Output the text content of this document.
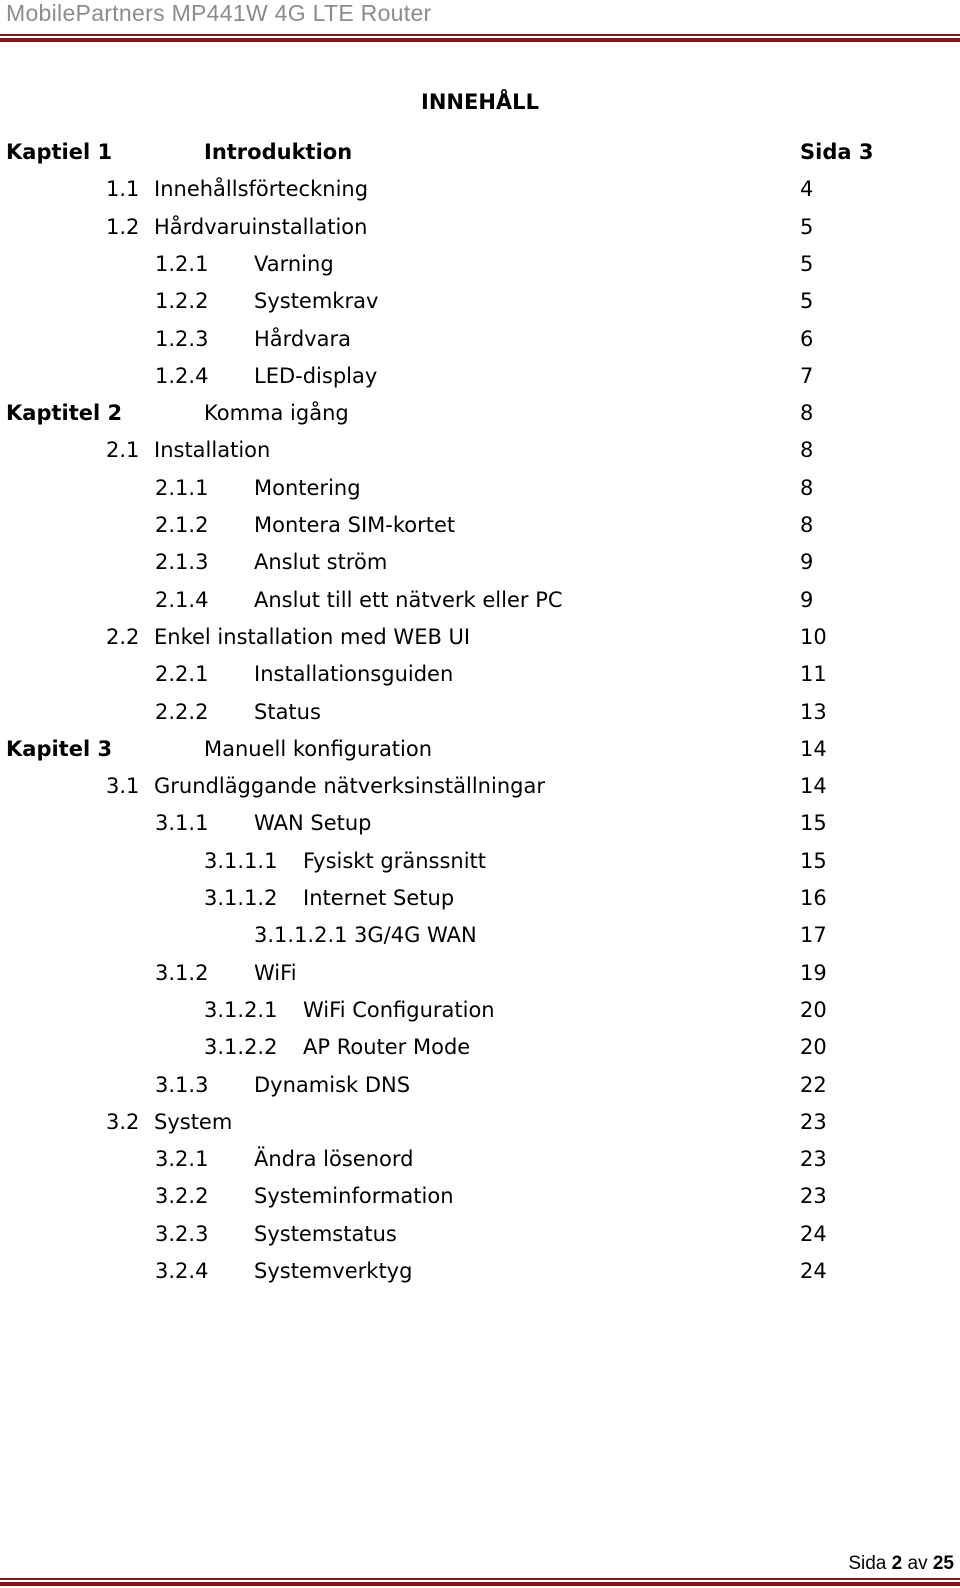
MobilePartners MP441W 4G LTE Router
INNEHÅLL
Kaptiel 1	Introduktion	Sida 3
1.1 Innehållsförteckning	4
1.2 Hårdvaruinstallation	5
1.2.1 Varning	5
1.2.2 Systemkrav	5
1.2.3 Hårdvara	6
1.2.4 LED-display	7
Kaptitel 2	Komma igång	8
2.1 Installation	8
2.1.1 Montering	8
2.1.2 Montera SIM-kortet	8
2.1.3 Anslut ström	9
2.1.4 Anslut till ett nätverk eller PC	9
2.2 Enkel installation med WEB UI	10
2.2.1 Installationsguiden	11
2.2.2 Status	13
Kapitel 3	Manuell konfiguration	14
3.1 Grundläggande nätverksinställningar	14
3.1.1 WAN Setup	15
3.1.1.1 Fysiskt gränssnitt	15
3.1.1.2 Internet Setup	16
3.1.1.2.1 3G/4G WAN	17
3.1.2 WiFi	19
3.1.2.1 WiFi Configuration	20
3.1.2.2 AP Router Mode	20
3.1.3 Dynamisk DNS	22
3.2 System	23
3.2.1 Ändra lösenord	23
3.2.2 Systeminformation	23
3.2.3 Systemstatus	24
3.2.4 Systemverktyg	24
Sida 2 av 25
